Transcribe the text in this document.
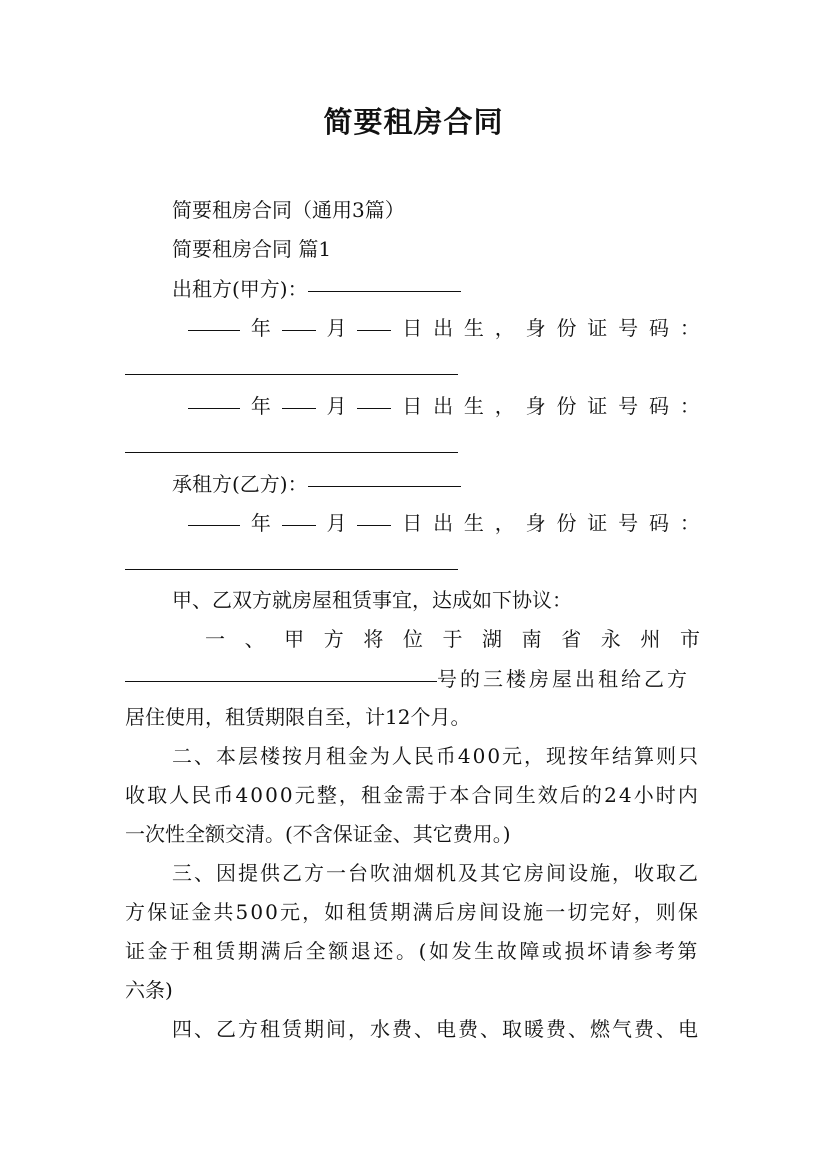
简要租房合同
简要租房合同（通用3篇）
简要租房合同 篇1
出租方(甲方)：
年	月	日 出 生 ， 身 份 证 号 码 ：
年	月	日 出 生 ， 身 份 证 号 码 ：
承租方(乙方)：
年	月	日 出 生 ， 身 份 证 号 码 ：
甲、乙双方就房屋租赁事宜，达成如下协议：
一 、 甲 方 将 位 于 湖 南 省 永 州 市
号的三楼房屋出租给乙方
居住使用，租赁期限自至，计12个月。
二、本层楼按月租金为人民币400元，现按年结算则只
收取人民币4000元整，租金需于本合同生效后的24小时内
一次性全额交清。(不含保证金、其它费用。)
三、因提供乙方一台吹油烟机及其它房间设施，收取乙
方保证金共500元，如租赁期满后房间设施一切完好，则保
证金于租赁期满后全额退还。(如发生故障或损坏请参考第
六条)
四、乙方租赁期间，水费、电费、取暖费、燃气费、电
